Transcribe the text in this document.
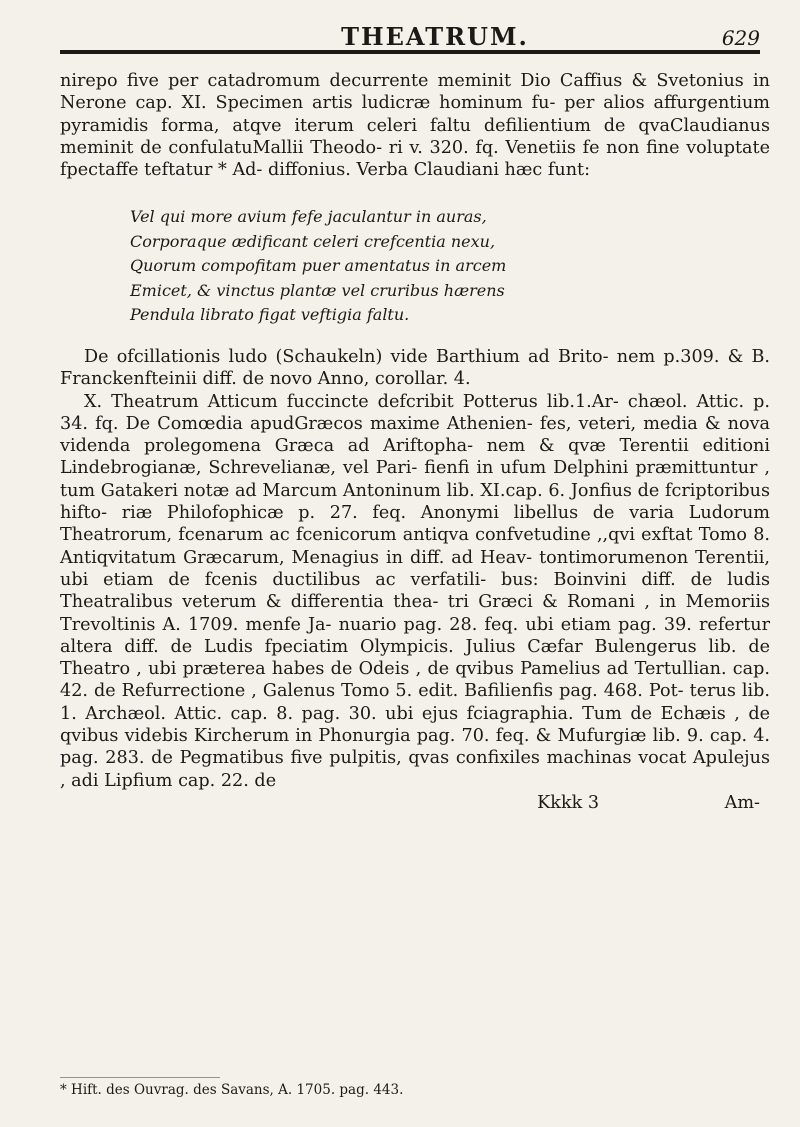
THEATRUM.	629

nirepo five per catadromum decurrente meminit Dio Caffius & Svetonius in Nerone cap. XI. Specimen artis ludicræ hominum fu- per alios affurgentium pyramidis forma, atqve iterum celeri faltu defilientium de qvaClaudianus meminit de confulatuMallii Theodo- ri v. 320. fq. Venetiis fe non fine voluptate fpectaffe teftatur * Ad- diffonius. Verba Claudiani hæc funt:

Vel qui more avium fefe jaculantur in auras,
Corporaque ædificant celeri crefcentia nexu,
Quorum compofitam puer amentatus in arcem
Emicet, & vinctus plantæ vel cruribus hærens
Pendula librato figat veftigia faltu.

De ofcillationis ludo (Schaukeln) vide Barthium ad Brito- nem p.309. & B. Franckenfteinii diff. de novo Anno, corollar. 4.

X. Theatrum Atticum fuccincte defcribit Potterus lib.1.Ar- chæol. Attic. p. 34. fq. De Comœdia apudGræcos maxime Athenien- fes, veteri, media & nova videnda prolegomena Græca ad Ariftopha- nem & qvæ Terentii editioni Lindebrogianæ, Schrevelianæ, vel Pari- fienfi in ufum Delphini præmittuntur , tum Gatakeri notæ ad Marcum Antoninum lib. XI.cap. 6. Jonfius de fcriptoribus hifto- riæ Philofophicæ p. 27. feq. Anonymi libellus de varia Ludorum Theatrorum, fcenarum ac fcenicorum antiqva confvetudine ,,qvi exftat Tomo 8. Antiqvitatum Græcarum, Menagius in diff. ad Heav- tontimorumenon Terentii, ubi etiam de fcenis ductilibus ac verfatili- bus: Boinvini diff. de ludis Theatralibus veterum & differentia thea- tri Græci & Romani , in Memoriis Trevoltinis A. 1709. menfe Ja- nuario pag. 28. feq. ubi etiam pag. 39. refertur altera diff. de Ludis fpeciatim Olympicis. Julius Cæfar Bulengerus lib. de Theatro , ubi præterea habes de Odeis , de qvibus Pamelius ad Tertullian. cap. 42. de Refurrectione , Galenus Tomo 5. edit. Bafilienfis pag. 468. Pot- terus lib. 1. Archæol. Attic. cap. 8. pag. 30. ubi ejus fciagraphia. Tum de Echæis , de qvibus videbis Kircherum in Phonurgia pag. 70. feq. & Mufurgiæ lib. 9. cap. 4. pag. 283. de Pegmatibus five pulpitis, qvas confixiles machinas vocat Apulejus , adi Lipfium cap. 22. de

Kkkk 3	Am-
* Hift. des Ouvrag. des Savans, A. 1705. pag. 443.
